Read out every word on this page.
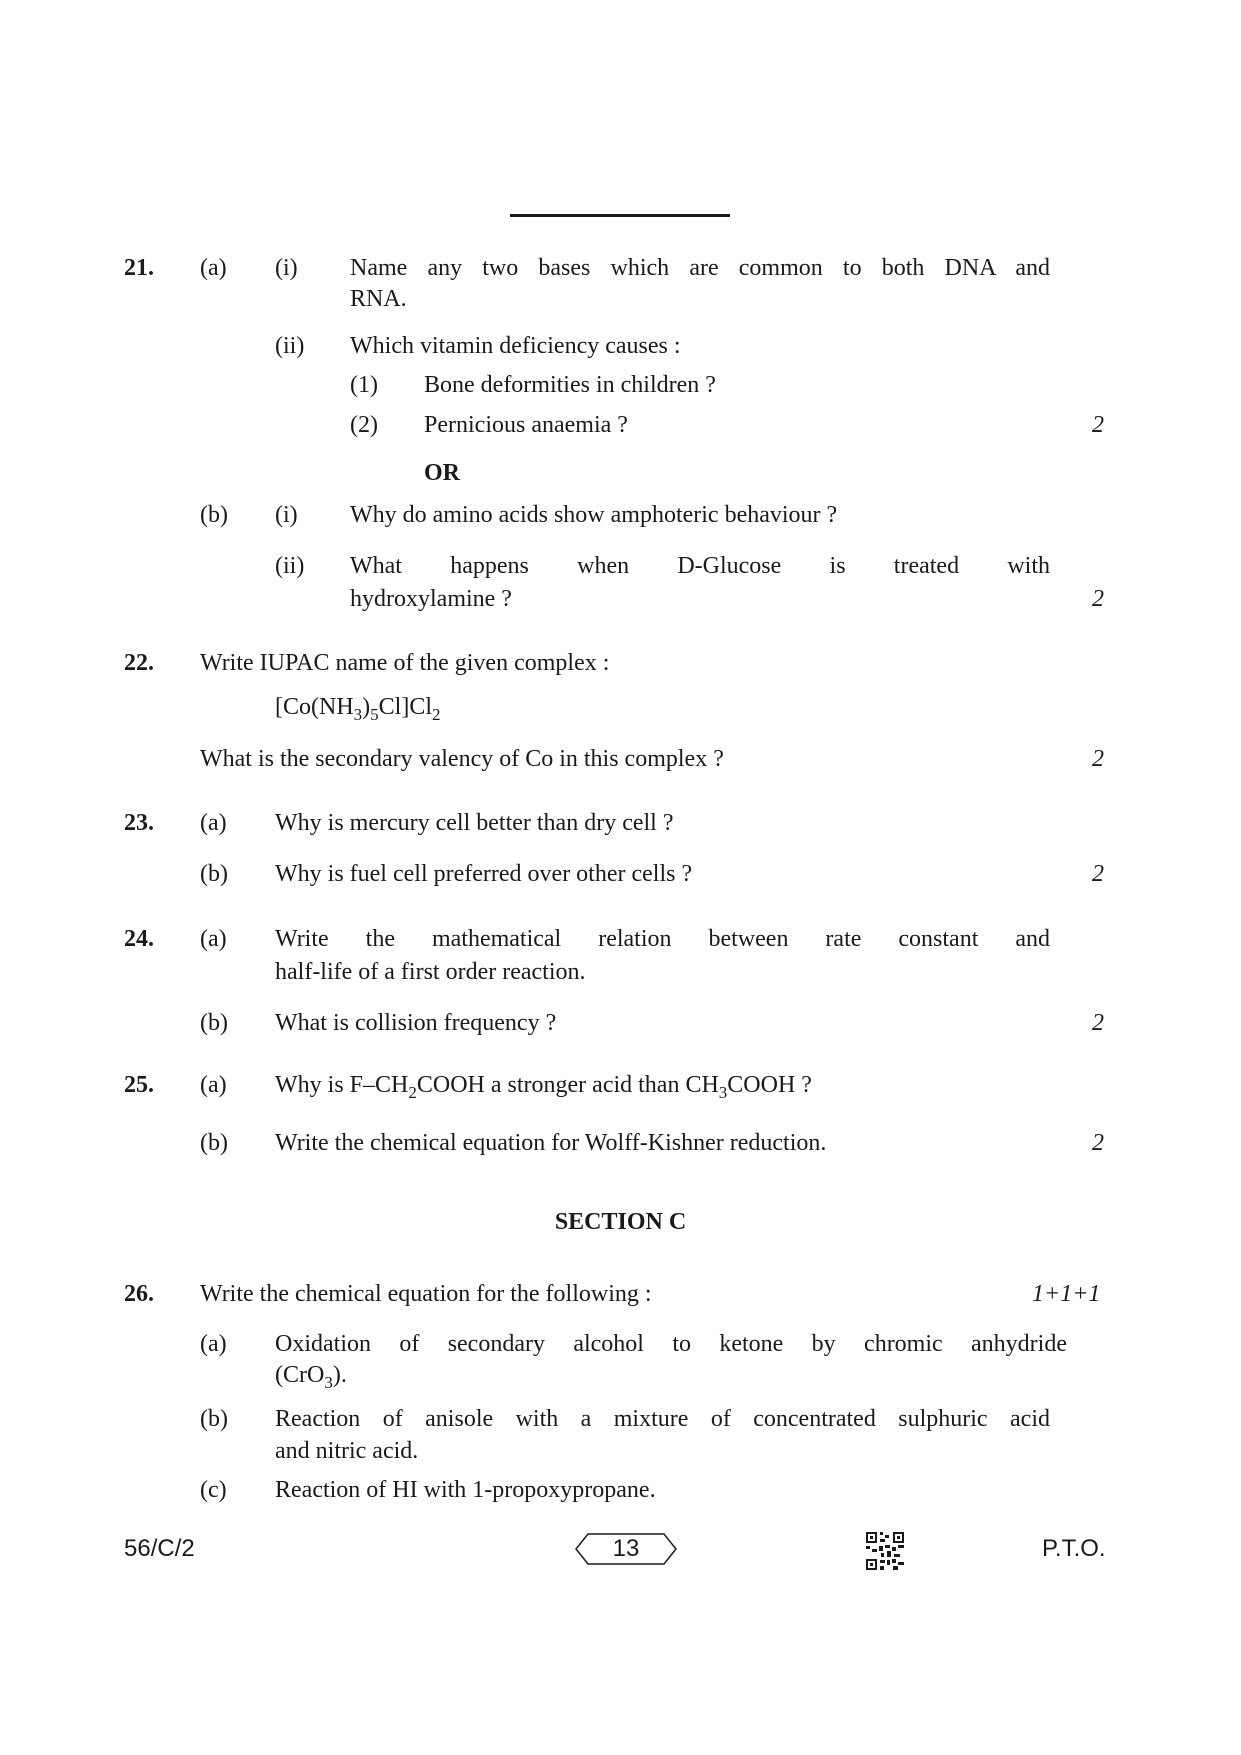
21. (a) (i) Name any two bases which are common to both DNA and
RNA.
(ii) Which vitamin deficiency causes :
(1) Bone deformities in children ?
(2) Pernicious anaemia ?	2
OR
(b) (i) Why do amino acids show amphoteric behaviour ?
(ii) What happens when D-Glucose is treated with
hydroxylamine ?	2
22. Write IUPAC name of the given complex :
$[Co(NH_3)_5Cl]Cl_2$
What is the secondary valency of Co in this complex ?	2
23. (a) Why is mercury cell better than dry cell ?
(b) Why is fuel cell preferred over other cells ?	2
24. (a) Write the mathematical relation between rate constant and
half-life of a first order reaction.
(b) What is collision frequency ?	2
25. (a) Why is $F-CH_2COOH$ a stronger acid than $CH_3COOH$ ?
(b) Write the chemical equation for Wolff-Kishner reduction.	2
SECTION C
26. Write the chemical equation for the following :	1+1+1
(a) Oxidation of secondary alcohol to ketone by chromic anhydride
(CrO$_3$).
(b) Reaction of anisole with a mixture of concentrated sulphuric acid
and nitric acid.
(c) Reaction of HI with 1-propoxypropane.
56/C/2	13	P.T.O.
